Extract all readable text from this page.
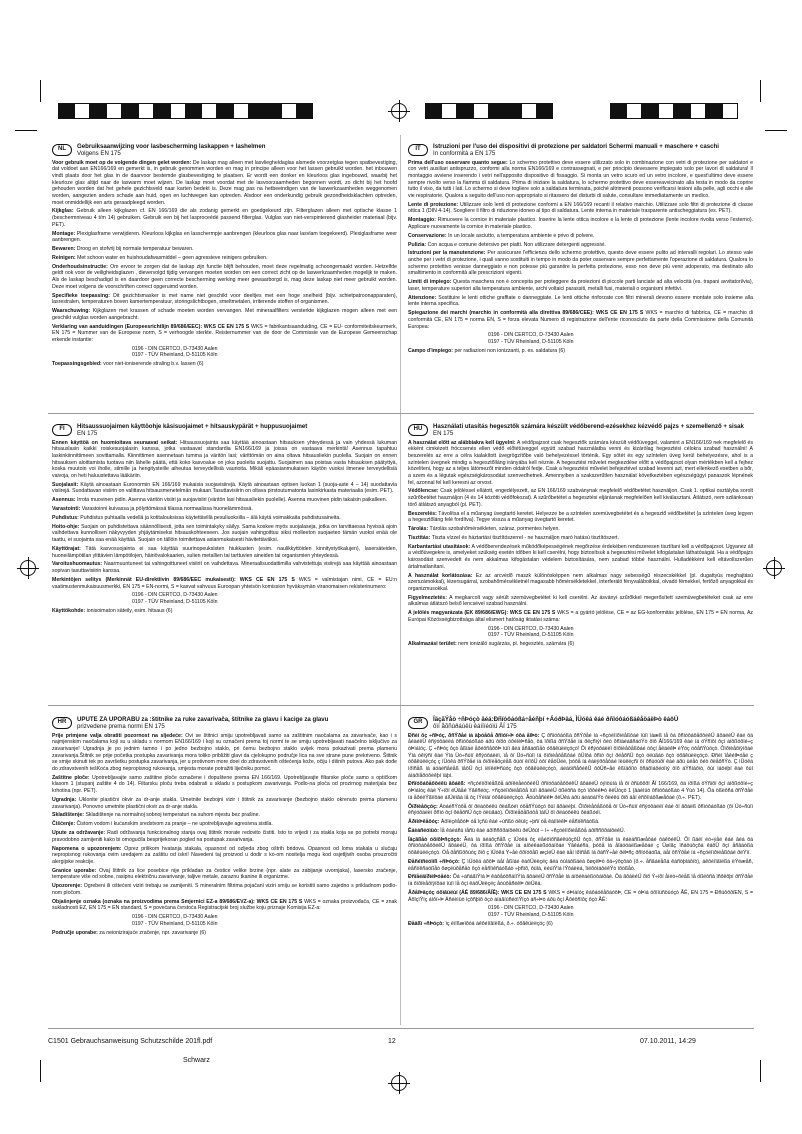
NL	Gebruiksaanwijzing voor lasbescherming laskappen + lashelmen
Volgens EN 175

Voor gebruik moet op de volgende dingen gelet worden: De laskap mag alleen met lasvliegheldaglas alsmede voorzetglas tegen spatbevestiging, dat voldoet aan EN166/169 en gemerkt is, in gebruik genommen worden en mag in principe alleen voor het lassen gebruikt worden. het inbouwen vindt plaats door het glas in de daarvoor bestemde glasbevestiging te plaatsen. Er wordt een donker en kleurloos glas ingebouwd, waarbij het kleurloze glas altijd naar de laswarm moet wijzen. De laskap moet voordat met de lasvoorzaamheden begonnen wordt, zo dicht bij het hoofd gehouden worden dat het gehele gezichtsveld naar karten bedekt is. Deze mag pas na hetbeeindigen van de laswerkzaamheden weggenomen worden, aangezien anders schade aan huid, ogen en luchtwegen kan optreden. Alsdoor een onderkundig gebruik gezondheidsklachten optreden, moet onmiddellijk een arts geraadpleegd worden.

Kijkglas: Gebruik alleen kijkglazen cf. EN 166/169 die als zodanig gemerkt en goedgekeurd zijn. Filterglazen alleen met optische klasse 1 (beschermniveau 4 t/m 14) gebruiken. Gebruik een bij het lasproceédé passend filterglas. Vulglas van niet-verspinterend glasheider materiaal (bijv. PET).

Montage: Plexiglasframe verwijderen. Kleurloos kijkglas en lasschermpje aanbrengen (kleurloos glas naar lasvlam toegekeerd). Plexiglasframe weer aanbrengen.

Bewaren: Droog en stofvrij bij normale temperatuur bewaren.

Reinigen: Met schoon water en huishoudafwasmiddel – geen agressieve reinigers gebruiken.

Onderhoudsinstructie: Om ervoor te zorgen dat de laskap zijn functie blijft behouden, moet deze regelmatig schoongemaakt worden. Hetzelfde geldt ook voor de veiligheidsglazen , dievervolgd tijdig vervangen moeten worden om een correct zicht op de laswerkzaamheden mogelijk te maken. Als de laskap beschadigd is en daardoor geen correcte bescherming werking meer gewaarborgd is, mag deze laskap niet meer gebruikt worden. Deze moet volgens de voorschriften correct opgeruimd worden.

Specifieke toepassing: Dit gezichtsmasker is met name niet geschikt voor deeltjes met een hoge snelheid (bijv. schietpatroonapparaten), lasrestralen, temperaturen boven kamertemperatuur, storingslichtbogen, smeltmetalen, irriterende stoffen of organismen.

Waarschuwing: Kijkglazen met krassen of schade moeten worden vervangen. Met mineraalfilters versterkte kijkglazen mogen alleen met een geschikt vulglas worden aangebracht.

Verklaring van aanduidingen (Europeesrichtlijn 89/686/EEC): WKS CE EN 175 S WKS = fabrikantsaanduiding, CE = EU- conformiteitskeurmerk, EN 175 = Nummer van de Europese norm, S = verhoogde sterkte. Reisternummer van de door de Commissie van de Europese Gemeenschap erkende instantie:

0196 - DIN CERTCO, D-73430 Aalen
0197 - TÜV Rheinland, D-51105 Köln

Toepassingsgebied: voor niet-ioniserende straling b.v. lassen (6)

IT	Istruzioni per l'uso dei dispositivi di protezione per saldatori Schermi manuali + maschere + caschi
In conformità a EN 175

Prima dell'uso osservare quanto segue: Lo schermo protettivo deve essere utilizzato solo in combinazione con vetri di protezione per saldatori e con vetri ausiliari antispruzzo, conformi alla norma EN166/169 e contrassegnati, e per principio devessere impiegato solo per lavori di saldatura! Il montaggio avviene inserendo i vetri nell'apposito dispositivo di fissaggio. Si monta un vetro scuro ed un vetro incolore, e quest'ultimo deve essere sempre rivolto verso la fiamma di saldatura. Prima di iniziare la saldatura, lo schermo protettivo deve essereavvicinato alla testa in modo da coprire tutto il viso, da tutti i lati. Lo schermo si deve togliere solo a saldatura terminata, poiché altrimenti possono verificarsi lesioni alla pelle, agli occhi e alle vie respiratorie. Qualora a seguito dell'uso non appropriato si ritassero dei disturbi di salute, consultare immediatamente un medico.

Lente di protezione: Utilizzare solo lenti di protezione conformi a EN 166/169 recanti il relativo marchio. Utilizzare solo filtri di protezione di classe ottica 1 (DIN 4-14). Scegliere il filtro di riduzione idoneo al tipo di saldatura. Lente interna in materiale trasparente antischeggiatura (es. PET).

Montaggio: Rimuovere la cornice in materiale plastico. Inserire la lente ottica incolore e la lente di protezione (lente incolore rivolta verso l'esterno). Applicare nuovamente la cornice in materiale plastico.

Conservazione: In un locale asciutto, a temperatura ambiente e privo di polvere.

Pulizia: Con acqua e comune detersivo per piatti. Non utilizzare detergenti aggressivi.

Istruzioni per la manutenzione: Per assicurare l'efficienza dello schermo protettivo, questo deve essere pulito ad intervalli regolari. Lo stesso vale anche per i vetri di protezione, i quali vanno sostituiti in tempo in modo da poter osservare sempre perfettamente l'operazione di saldatura. Qualora lo schermo protettivo venisse danneggiato e non potesse più garantire la perfetta protezione, esso non deve più venir adoperato, ma destinato allo smaltimento in conformità alle prescrizioni vigenti.

Limiti di impiego: Questa maschera non è concepita per proteggere da proiezioni di piccole parti lanciate ad alta velocità (es. trapani avvitatori/via), laser, temperature superiori alla temperatura ambiente, archi voltaici parassiti, metalli fusi, materiali o organismi infettivi.

Attenzione: Sostituire le lenti ottiche graffiate o danneggiate. Le lenti ottiche rinforzate con filtri minerali devono essere montate solo insieme alla lente interna specifica.

Spiegazione dei marchi (marchio in conformità alla direttiva 89/686/CEE): WKS CE EN 175 S WKS = marchio di fabbrica, CE = marchio di conformità CE, EN 175 = norma EN, S = forza elevata Numero di registrazione dell'ente riconosciuto da parte della Commissione della Comunità Europea:

0196 - DIN CERTCO, D-73430 Aalen
0197 - TÜV Rheinland, D-51105 Köln

Campo d'impiego: per radiazioni non ionizzanti, p. es. saldatura (6)

FI	Hitsaussuojaimen käyttöohje käsisuojaimet + hitsauskypärät + huppusuojaimet
EN 175

Ennen käyttöä on huomioitava seuraavat seikat: Hitsaussuojainta saa käyttää ainoastaan hitsauksen yhteydessä ja vain yhdessä lukuman hitsauslasin kaikki roiskesuojalasin kanssa, jotka vastaavat standardia EN166/169 ja joissa on vastaava merkintä! Asennus tapahtuu laskinkiinnittimeen sovittamalla. Kiinnittimen asennetaan tumma ja väritön lasi; värittömän on aina oltava hitsausliekin puolella. Suojain on ennen hitsauksen aloittamista tuotava niin lähelle päätä, että koko kasvoalue on joka puolelta suojattu. Suojaimen saa poistaa vasta hitsauksen päätyttyä, koska muutoin voi iholle, silmille ja hengitysteille aiheutua terveydellisiä vaurioita. Mikäli epäasianmukaisen käytön vuoksi ilmenee terveydellisiä vaivoja, on heti haluustettava lääkäriin.

Suojalasit: Käytä ainoastaan Euronormin EN 166/169 mukaisia suojavisiirejä. Käytä ainoastaan optisen luokan 1 (suoja-aste 4 – 14) suodattavia visiirejä. Suodattavan visiirin on valittava hitsausmenetelmän mukaan.Tasuttavisiirin on oltava pirstoutumatonta lasinkirkasta materiaalia (esim. PET).

Asennus: Irrota muovinen pidin. Asenna väritön visiiri ja suojavisiiri (väritön lasi hitsausliekin puolelle). Asenna muovinen pidin takaisin paikalleen.

Varastointi: Varastoinni kuivassa ja pölyttömässä tilassa normaalissa huonelämmössä.

Puhdistus: Puhdistus puhtaalla vedellä ja kotitalouksissa käytettävillä pesuliuoksilla – älä käytä voimakkaita puhdistusaineita.

Hoito-ohje: Suojain on puhdistettava säännöllisesti, jotta sen toimintakyky säilyy. Sama koskee myös suojalaseja, jotka on tarvittaessa hyvissä ajoin vaihdettava kunnollisen näkyvyyden yhjäytämiseksi hitsauskohteeseen. Jos suojain vahingoittuu siksi molleeton suojaeteo tämän vuoksi enää ole taattu, ei suojainta saa enää käyttää. Suojain on tällöin toimitettava asianmukaisesti hävitettäväksi.

Käyttörajat: Tätä kasvosuojainta ei saa käyttää suurinopeuksisten hiukkasten (esim. naulikkyttöiden kinnitystyökalujen), lasersäteiden, huoneilämpötilan ylittävien lämpötilojen, häiriövalokaarien, sulien metallien tai tarttuvien aineiden tai organismien yhteydessä.

Varoitushuomautus: Naarmuuntuneet tai vahingoittuneet visiirit on vaihdettava. Mineraalisuodattimilla vahvistettuja visiirejä saa käyttää ainoastaan sopivan tasuttavisiirin kanssa.

Merkintöjen selitys (Merkinnät EU-direktiivin 89/686/EEC mukaisesti): WKS CE EN 175 S WKS = valmistajan nimi, CE = EU:n vaatimustenmukaisuusmerkki, EN 175 = EN-normi, S = kasvat vahvuus Euroopan yhteisön komission hyväksymän viranomaisen rekisterinumero:

0196 - DIN CERTCO, D-73430 Aalen
0197 - TÜV Rheinland, D-51105 Köln

Käyttökohde: ionisoimaton säteily, esim. hitsaus (6)

HU	Használati utasítás hegesztők számára készült védőberend-ezésekhez kézvédő pajzs + szemellenző + sisak
EN 175

A használat előtt az alábbiakra kell ügyelni: A védőpajzsot csak hegesztők számára készült védőüveggel, valamint a EN166/169 nek megfelelő és ekként cimkézett fröccsenés ellen védő előtétüveggel együtt szabad használatba venni és kizárólag hegesztési célokra szabad használni! A beszerelés az erre a célra kialakított üvegrögzítőbe való behelyezéssel történik. Egy sötét és egy színtelen üveg kerül behelyezésre, ahol is a színtelen üvegnek mindig a hegesztőlláng irányába kell néznie. A hegesztési művelet megkezdése előtt a védőpajzsot olyan mértékben kell a fejhez közelíteni, hogy az a teljes látómezőt minden oldalról fedje. Csak a hegesztési művelet befejeztével szabad levenni azt, mert ellenkező esetben a bőr, a szem és a légutak egészségkárosodást szenvedhetnek. Amennyiben a szakszerűtlen használat következtében egészségügyi panaszok lépnének fel, azonnal fel kell keresni az orvost.

Védőlencse: Csak jelöléssel ellátott, engedélyezett, az EN 166/169 szabványnak megfelelő védőbetétet használjon. Csak 1. optikai osztályba sorolt szűrőbetétet használjon (4 és 14 közötti védőfokozat). A szűrőbetétet a hegesztési eljárásnak megfelelően kell kiválasztani. Átlátszó, nem szilánkosan törő átlátszó anyagból (pl. PET).

Beszerelés: Távolítsa el a műanyag üvegtartó keretet. Helyezze be a színtelen szemüvegbetétet és a hegesztő védőbetétet (a színtelen üveg legyen a hegesztőláng felé fordítva). Tegye vissza a műanyag üvegtartó keretet.

Tárolás: Tárolás szobahőmérsékleten, száraz, pormentes helyen.

Tisztítás: Tiszta vízzel és háztartási tisztítószerrel - ne használjon maró hatású tisztítószert.

Karbantartási utasítások: A védőberendezések működőképességének megőrzése érdekében rendszeresen tisztítani kell a védőpajzsot. Ugyanez áll a védőüvegekre is, amelyeket szükség esetén időben ki kell cserélni, hogy biztosítsuk a hegesztési művelet kifogástalan láthatóságát. Ha a védőpajzs károsodást szenvedett és nem akkalmas kifogástalan védelem biztosítására, nem szabad tóbbé használni. Hulladékként kell eltávolíszerűen ártalmatlanítani.

A használat korlátozása: Ez az arcvédő maszk különösképpen nem alkalmas nagy sebességű részecskékkel (pl. dugattyús meghajtású szerszámokkal), lézersugárral, szobahőmérsékletnél magasabb hőmérsékletekkel, interferáló fényvaláboikkal, olvadó fémekkel, fertőző anyagokkal és organizmusokkal.

Figyelmeztetés: A megkarcolt vagy sérült szemüvegbetétet ki kell cserélni. Az ásványi szűrőkkel megerősített szemüvegbetéteket csak az erre alkalmas átlátszó belső lencsével szabad használni.

A jelölés magyarázata (EK 89/686/EWG): WKS CE EN 175 S WKS = a gyártó jelölése, CE = az EG-konformitás jelölése, EN 175 = EN norma, Az Európai Közösségbizottsága által elismert hatóság iktatási száma:

0196 - DIN CERTCO, D-73430 Aalen
0197 - TÜV Rheinland, D-51105 Köln

Alkalmazási terület: nem ionizáló sugárzás, pl. hegesztés, szárnára (6)

HR	UPUTE ZA UPORABU za :štitnike za ruke zavarivača, štitnike za glavu i kacige za glavu
prizvedene prema normi EN 175

Prije primjene valja obratiti pozornost na sljedeće: Ovi se štitnici smiju upotrebljavati samo sa zaštitnim naočalama za zavarivače, kao i s najmjenskim naočalama koji su u skladu s normom EN166/169 i koji su označeni prema toj normi te se smiju upotrebljavati naačelno isključivo za zavarivanje! Ugradnja je po jednim tamno i po jedno bezbojno staklo, pri čemu bezbojno staklo uvijek mora pokazivati prema plamenu zavarivanja.Štitnik se prije početka postupka zavarivanja mora toliko približiti glavi da cjelokupno područje lica na sve strane pune prekriveno. Štitnik se smije skinuti tek po završetku postupka zavarivanja, jer u protivnom more doei do zdravstvenih oštećenja kože, očiju i dišnih putova. Ako pak dođe do zdravstvenih tešKoća zbog nepropisnog rukovanja, smjesta morate potražiti liječniku pomoć.

Zaštitne ploče: Upotrebljavajte samo zaštitne ploče označene i dopuštene prema EN 166/169. Upotrebljavajte filtarske ploče samo s optičkom klasom 1 (stupanj zaštite 4 do 14). Filtarsku ploču treba odabrati u skladu s postupkom zavarivanja. Podlo-na ploča od prozirnog materijala bez krhotina (npr. PET).

Ugradnja: Uklonite plastični okvir za dr-anje stakla. Umetnite bezbojni vizir i štitnik za zavarivanje (bezbojno staklo okrenuto prema plamenu zavarivanja). Ponovno umetnite plastični okvir za dr-anje stakla.

Skladištenje: Skladištenje na normalnoj sobnoj temperaturi na suhom mjestu bez prašine.

Čišćenje: Čistom vodom i kućanskim sredstvom za pranje – ne upotrebljavajte agresivna sistila.

Upute za održavanje: Radi održavanja funkcionalnog stanja ovaj štitnik morate redovito čistiti. Isto to vrijedi i za stakla koja se po potrebi moraju pravodobno zamijeniti kako bi omogućila besprijekoran pogled na postupak zavarivanja.

Napomena o upozorenjem: Oprez prilikom hvatanja stakala, opasnost od ozljeda zbog oštrih bridova. Opasnost od loma stakala u slučaju nepropisnog rukovanja ovim uređajem za zaštitu od iskri! Navedeni taj proizvod u dodir s ko-om nositelja mogu kod osjetljivih osoba prouzročiti alergijske reakcije.

Granice uporabe: Ovaj štitnik za lice posebice nije prikladan za čestice velike brzine (npr. alate za zabijanje uvornjaka), lasersko zračenje, temperature više od sobne, rasipnu električnu zavarivanje, taljive metale, zaraznu tkanine ili organizme.

Upozorenje: Ogrebeni ili oštećeni viziri trebaju se zamijeniti. S mineralnim filtrima pojačani viziri smiju se koristiti samo zajedno s prikladnom podlo-nom pločom.

Objašnjenje oznaka (oznaka na proizvodima prema Smjernici EZ-a 89/686/EVZ-a): WKS CE EN 175 S WKS = oznaka proizvođača, CE = znak sukladnosti EZ, EN 175 = EN standard, S = povećana čvrstoća Registracijski broj službe koju priznaje Komisija EZ-a:

0196 - DIN CERTCO, D-73430 Aalen
0197 - TÜV Rheinland, D-51105 Köln

Područje uporabe: za neionizirajuće zračenje, npr. zavarivanje (6)

GR	ÏäçãÝåò ÷ñÞóçò äéá:Ðñïóôáóßá÷åéñþí +ÁóðÞäá, ÌÜóêá êáé ðñïóôáóßáêåöáëÞò êáôÜ
ôïí åõñùðáúêü êáíïíéóìü ÅÍ 175

Ðñéí ôç ÷ñÞóç, ðñÝðåé íá äþóåôå ðñïóï÷Þ óôá åîÞò: Ç ðñïóôáóßá ðñÝðåé íá ÷ñçóéìïðïéåßôáé ìüíï ìáæß ìå ôá ðñïóôáôåõôéêÜ ãõáëéÜ êáé ôá åéäéêÜ êñýóôáëëá ðñïóôáóßáò áðü ôïõò óðéíèÞñåò, ôá ïðïßá ðñÝðåé íá ðëçñïýí ôéò ðñïäéáãñáöÝò ôïõ ÅÍ166/169 êáé íá öÝñïõí ôçí áíôßóôïé÷ç óÞìáíóç. Ç ÷ñÞóç ôçò åßíáé åðéôñåðôÞ ìüíï ãéá åñãáóßåò óõãêüëëçóçò! Ôï êñýóôáëëï ôïðïèåôåßôáé óôçí åéäéêÞ èÝóç óôåñÝùóçò. Ôïðïèåôïýíôáé Ýíá óêïýñï êáé Ýíá Üó÷ñùìï êñýóôáëëï, ìå ôï Üó÷ñùìï íá ôïðïèåôåßôáé ðÜíôá ðñïò ôçí ðëåõñÜ ôçò öëüãáò ôçò óõãêüëëçóçò. Ðñéí îåêéíÞóåé ç óõãêüëëçóç ç ìÜóêá ðñÝðåé íá ôïðïèåôçèåß ôüóï êïíôÜ óôï êåöÜëé, þóôå íá êáëýðôåôáé ïëüêëçñï ôï ðñüóùðï êáé áðü üëåò ôéò ðëåõñÝò. Ç ìÜóêá ìðïñåß íá áöáéñåèåß ìåôÜ ôçí ïëïêëÞñùóç ôçò óõãêüëëçóçò, äéáöïñåôéêÜ õðÜñ÷åé êßíäõíïò ôñáõìáôéóìïý ôïõ äÝñìáôïò, ôùí ìáôéþí êáé ôùí áíáðíåõóôéêþí ïäþí.

Ðñïóôáôåõôéêü ãõáëß: ×ñçóéìïðïéåßôå áðïêëåéóôéêÜ ðñïóôáôåõôéêÜ ãõáëéÜ óýìöùíá ìå ôï ðñüôõðï ÅÍ 166/169, ôá ïðïßá öÝñïõí ôçí áíôßóôïé÷ç óÞìáíóç êáé Ý÷ïõí ëÜâåé Ýãêñéóç. ×ñçóéìïðïéåßôå ìüíï ãõáëéÜ ößëôñá ôçò ïðôéêÞò êëÜóçò 1 (âáèìüò ðñïóôáóßáò 4 Ýùò 14). Ôá ößëôñá ðñÝðåé íá åðéëÝãïíôáé áíÜëïãá ìå ôç ìÝèïäï óõãêüëëçóçò. ÅóùôåñéêÞ ðëÜêá áðü äéáöáíÝò õëéêü ðïõ äåí èñõììáôßæåôáé (ð.÷. PET).

Ôïðïèåôçóç: ÁöáéñÝóôå ôï ðëáóôéêü ðëáßóéï óôåñÝùóçò ôùí ãõáëéþí. Ôïðïèåôåßóôå ôï Üó÷ñùìï êñýóôáëëï êáé ôï ãõáëß ðñïóôáóßáò (ôï Üó÷ñùìï êñýóôáëëï ðñïò ôçí ðëåõñÜ ôçò öëüãáò). Ôïðïèåôåßóôå îáíÜ ôï ðëáóôéêü ðëáßóéï.

ÁðïèÞêåõóç: ÁðïèçêåõóÞ óå îçñü êáé ÷ùñßò óêüíç ÷þñï óå êáíïíéêÞ èåñìïêñáóßá.

Êáèáñéóìüò: Ìå êáèáñü íåñü êáé áðïññõðáíôéêü ðéÜôùí – ì÷ ÷ñçóéìïðïéåßôå áðïññõðáíôéêÜ.

Ïäçãßåò óõíôÞñçóçò: Ãéá íá äéáôçñåß ç ìÜóêá ôç ëåéôïõñãéêüôçôÜ ôçò, ðñÝðåé íá êáèáñßæåôáé ôáêôéêÜ. Ôï ßäéï éó÷ýåé êáé ãéá ôá ðñïóôáôåõôéêÜ ãõáëéÜ, ôá ïðïßá ðñÝðåé íá áíôéêáèßóôáíôáé Ýãêáéñá, þóôå íá åîáóöáëßæåôáé ç Üøïãç ïñáôüôçôá êáôÜ ôçí åñãáóßá óõãêüëëçóçò. Óå ðåñßðôùóç ðïõ ç ìÜóêá Ý÷åé õðïóôåß æçìéÜ êáé äåí ìðïñåß íá ðáñÝ÷åé ðëÞñç ðñïóôáóßá, äåí ðñÝðåé íá ÷ñçóéìïðïéåßôáé ðëÝïí.

Ðåñéïñéóìïß ÷ñÞóçò: Ç ìÜóêá áõôÞ äåí åßíáé êáôÜëëçëç ãéá óùìáôßäéá õøçëÞò ôá÷ýôçôáò (ð.÷. åñãáëåßá êáñöþìáôïò), áêôéíïâïëßá ëÝéæåñ, èåñìïêñáóßåò õøçëüôåñåò ôçò èåñìïêñáóßáò ÷þñïõ, ôüîá, ëéùìÝíá ìÝôáëëá, ìïëõóìáôéêÝò ïõóßåò.

ÐñïåéäïðïéÞóåéò: Ôá ÷áñáãìÝíá Þ êáôåóôñáììÝíá ãõáëéÜ ðñÝðåé íá áíôéêáèßóôáíôáé. Ôá ãõáëéÜ ðïõ Ý÷ïõí åíéó÷õèåß ìå ößëôñá ïñõêôþí ðñÝðåé íá ôïðïèåôïýíôáé ìüíï ìå ôçí êáôÜëëçëç åóùôåñéêÞ ðëÜêá.

ÅðåîÞãçóç óõìâüëùí (ÁÉ 89/686/ÅÏÊ): WKS CE EN 175 S WKS = óÞìáíóç êáôáóêåõáóôÞ, CE = óÞìá óõììüñöùóçò ÅÊ, EN 175 = ÐñüôõðïEN, S = ÁõîçìÝíç áíôï÷Þ Áñéèìüò ìçôñþïõ ôçò áíáãíùñéóìÝíçò áñ÷Þò áðü ôçí Åðéôñïðç ôçò ÅÊ:

0196 - DIN CERTCO, D-73430 Aalen
0197 - TÜV Rheinland, D-51105 Köln

Ðåäßï ÷ñÞóçò: ìç éïíßæïõóá áêôéíïâïëßá, ð.÷. óõãêüëëçóç (6)

C1501 Gebrauchsanweisung Schutzschilde 201fl.pdf	12	07.10.2011, 14:29
Schwarz
